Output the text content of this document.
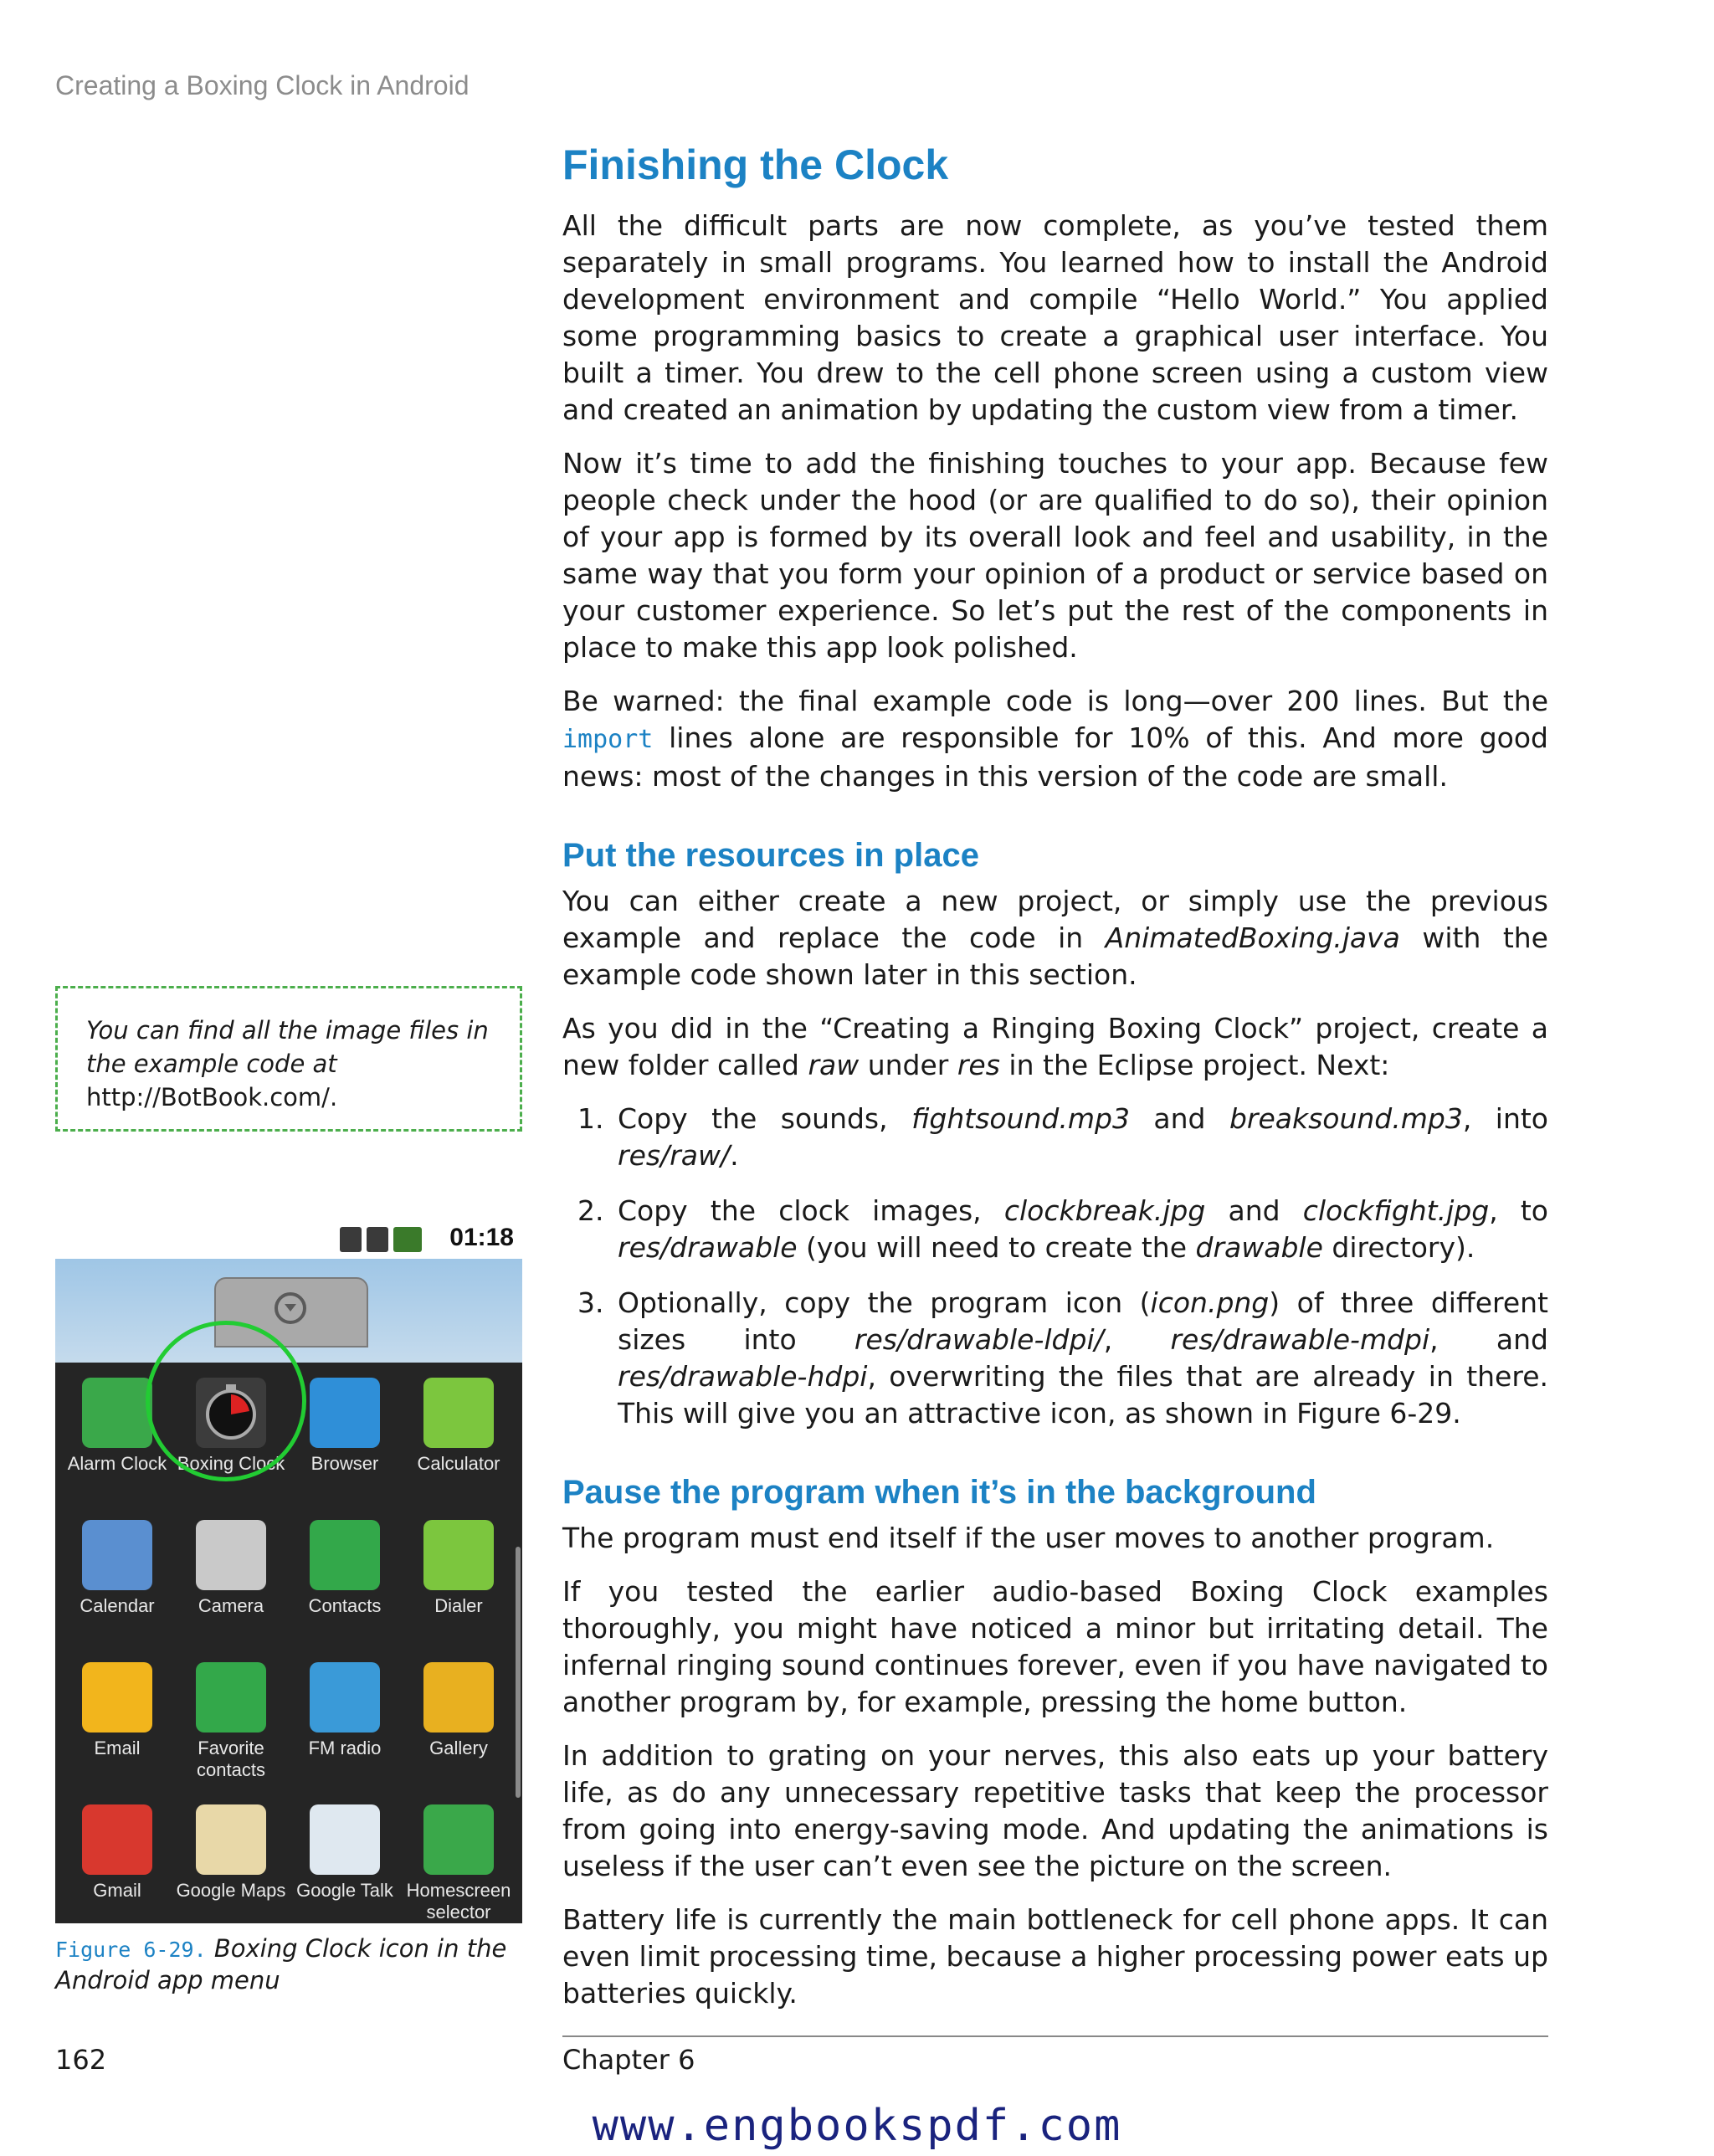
Creating a Boxing Clock in Android
Finishing the Clock

All the difficult parts are now complete, as you’ve tested them separately in small programs. You learned how to install the Android development environment and compile “Hello World.” You applied some programming basics to create a graphical user interface. You built a timer. You drew to the cell phone screen using a custom view and created an animation by updating the custom view from a timer.

Now it’s time to add the finishing touches to your app. Because few people check under the hood (or are qualified to do so), their opinion of your app is formed by its overall look and feel and usability, in the same way that you form your opinion of a product or service based on your customer experience. So let’s put the rest of the components in place to make this app look polished.

Be warned: the final example code is long—over 200 lines. But the import lines alone are responsible for 10% of this. And more good news: most of the changes in this version of the code are small.

Put the resources in place

You can either create a new project, or simply use the previous example and replace the code in AnimatedBoxing.java with the example code shown later in this section.

As you did in the “Creating a Ringing Boxing Clock” project, create a new folder called raw under res in the Eclipse project. Next:

1. Copy the sounds, fightsound.mp3 and breaksound.mp3, into res/raw/.
2. Copy the clock images, clockbreak.jpg and clockfight.jpg, to res/drawable (you will need to create the drawable directory).
3. Optionally, copy the program icon (icon.png) of three different sizes into res/drawable-ldpi/, res/drawable-mdpi, and res/drawable-hdpi, overwriting the files that are already in there. This will give you an attractive icon, as shown in Figure 6-29.
Pause the program when it’s in the background

The program must end itself if the user moves to another program.

If you tested the earlier audio-based Boxing Clock examples thoroughly, you might have noticed a minor but irritating detail. The infernal ringing sound continues forever, even if you have navigated to another program by, for example, pressing the home button.

In addition to grating on your nerves, this also eats up your battery life, as do any unnecessary repetitive tasks that keep the processor from going into energy-saving mode. And updating the animations is useless if the user can’t even see the picture on the screen.

Battery life is currently the main bottleneck for cell phone apps. It can even limit processing time, because a higher processing power eats up batteries quickly.

You can find all the image files in the example code at http://BotBook.com/.
01:18
Alarm Clock Boxing Clock	Browser	Calculator
Calendar	Camera	Contacts	Dialer
Email	Favorite contacts
FM radio	Gallery
Gmail	Google Maps Google Talk Homescreen selector
Figure 6-29. Boxing Clock icon in the Android app menu
162	Chapter 6
www.engbookspdf.com
